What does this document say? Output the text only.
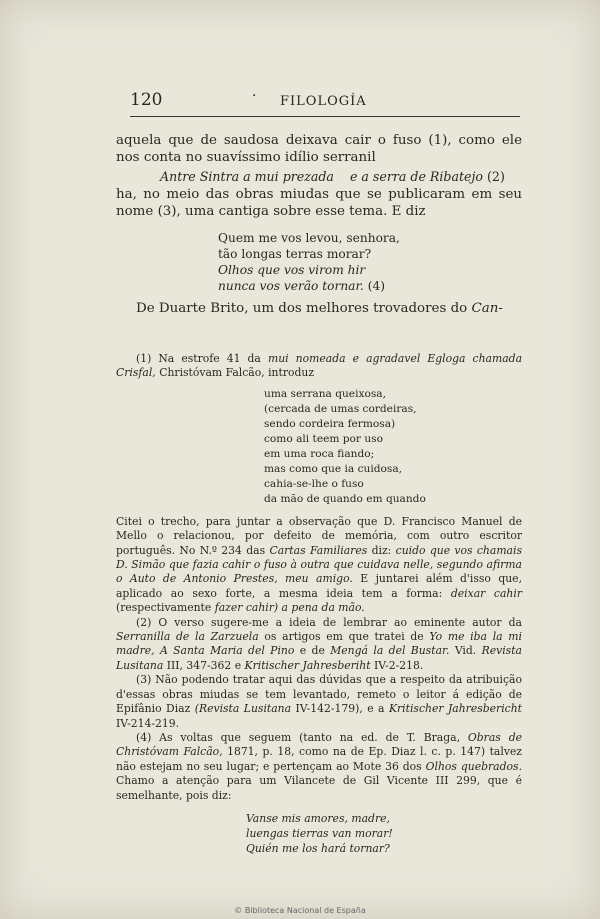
120	· FILOLOGÍA

aquela que de saudosa deixava cair o fuso (1), como ele nos conta no suavíssimo idílio serranil

Antre Sintra a mui prezada e a serra de Ribatejo (2)

ha, no meio das obras miudas que se publicaram em seu nome (3), uma cantiga sobre esse tema. E diz

Quem me vos levou, senhora,
tão longas terras morar?
Olhos que vos virom hir
nunca vos verão tornar. (4)

De Duarte Brito, um dos melhores trovadores do Can-

(1) Na estrofe 41 da mui nomeada e agradavel Egloga chamada Crisfal, Christóvam Falcão, introduz

uma serrana queixosa,
(cercada de umas cordeiras,
sendo cordeira fermosa)
como ali teem por uso
em uma roca fiando;
mas como que ia cuidosa,
cahia-se-lhe o fuso
da mão de quando em quando

Citei o trecho, para juntar a observação que D. Francisco Manuel de Mello o relacionou, por defeito de memória, com outro escritor português. No N.º 234 das Cartas Familiares diz: cuido que vos chamais D. Simão que fazia cahir o fuso à outra que cuidava nelle, segundo afirma o Auto de Antonio Prestes, meu amigo. E juntarei além d'isso que, aplicado ao sexo forte, a mesma ideia tem a forma: deixar cahir (respectivamente fazer cahir) a pena da mão.

(2) O verso sugere-me a ideia de lembrar ao eminente autor da Serranilla de la Zarzuela os artigos em que tratei de Yo me iba la mi madre, A Santa Maria del Pino e de Mengá la del Bustar. Vid. Revista Lusitana III, 347-362 e Kritischer Jahresberiht IV-2-218.

(3) Não podendo tratar aqui das dúvidas que a respeito da atribuição d'essas obras miudas se tem levantado, remeto o leitor á edição de Epifânio Diaz (Revista Lusitana IV-142-179), e a Kritischer Jahresbericht IV-214-219.

(4) As voltas que seguem (tanto na ed. de T. Braga, Obras de Christóvam Falcão, 1871, p. 18, como na de Ep. Diaz l. c. p. 147) talvez não estejam no seu lugar; e pertençam ao Mote 36 dos Olhos quebrados. Chamo a atenção para um Vilancete de Gil Vicente III 299, que é semelhante, pois diz:

Vanse mis amores, madre,
luengas tierras van morar!
Quién me los hará tornar?
© Biblioteca Nacional de España
